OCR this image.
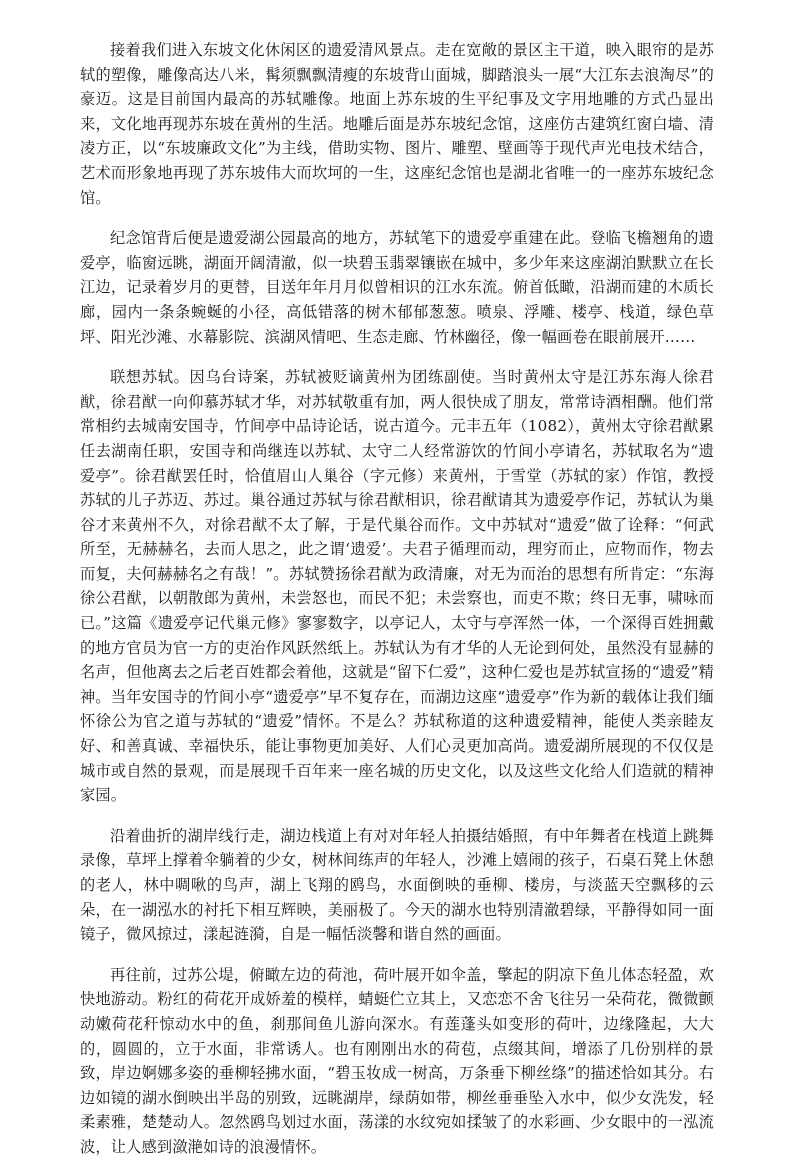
接着我们进入东坡文化休闲区的遗爱清风景点。走在宽敞的景区主干道，映入眼帘的是苏轼的塑像，雕像高达八米，髯须飘飘清瘦的东坡背山面城，脚踏浪头一展“大江东去浪淘尽”的豪迈。这是目前国内最高的苏轼雕像。地面上苏东坡的生平纪事及文字用地雕的方式凸显出来，文化地再现苏东坡在黄州的生活。地雕后面是苏东坡纪念馆，这座仿古建筑红窗白墙、清凌方正，以“东坡廉政文化”为主线，借助实物、图片、雕塑、壁画等于现代声光电技术结合，艺术而形象地再现了苏东坡伟大而坎坷的一生，这座纪念馆也是湖北省唯一的一座苏东坡纪念馆。

纪念馆背后便是遗爱湖公园最高的地方，苏轼笔下的遗爱亭重建在此。登临飞檐翘角的遗爱亭，临窗远眺，湖面开阔清澈，似一块碧玉翡翠镶嵌在城中，多少年来这座湖泊默默立在长江边，记录着岁月的更替，目送年年月月似曾相识的江水东流。俯首低瞰，沿湖而建的木质长廊，园内一条条蜿蜒的小径，高低错落的树木郁郁葱葱。喷泉、浮雕、楼亭、栈道，绿色草坪、阳光沙滩、水幕影院、滨湖风情吧、生态走廊、竹林幽径，像一幅画卷在眼前展开……

联想苏轼。因乌台诗案，苏轼被贬谪黄州为团练副使。当时黄州太守是江苏东海人徐君猷，徐君猷一向仰慕苏轼才华，对苏轼敬重有加，两人很快成了朋友，常常诗酒相酬。他们常常相约去城南安国寺，竹间亭中品诗论话，说古道今。元丰五年（1082），黄州太守徐君猷累任去湖南任职，安国寺和尚继连以苏轼、太守二人经常游饮的竹间小亭请名，苏轼取名为“遗爱亭”。徐君猷罢任时，恰值眉山人巢谷（字元修）来黄州，于雪堂（苏轼的家）作馆，教授苏轼的儿子苏迈、苏过。巢谷通过苏轼与徐君猷相识，徐君猷请其为遗爱亭作记，苏轼认为巢谷才来黄州不久，对徐君猷不太了解，于是代巢谷而作。文中苏轼对“遗爱”做了诠释：“何武所至，无赫赫名，去而人思之，此之谓‘遗爱’。夫君子循理而动，理穷而止，应物而作，物去而复，夫何赫赫名之有哉！”。苏轼赞扬徐君猷为政清廉，对无为而治的思想有所肯定：“东海徐公君猷，以朝散郎为黄州，未尝怒也，而民不犯；未尝察也，而吏不欺；终日无事，啸咏而已。”这篇《遗爱亭记代巢元修》寥寥数字，以亭记人，太守与亭浑然一体，一个深得百姓拥戴的地方官员为官一方的吏治作风跃然纸上。苏轼认为有才华的人无论到何处，虽然没有显赫的名声，但他离去之后老百姓都会着他，这就是“留下仁爱”，这种仁爱也是苏轼宣扬的“遗爱”精神。当年安国寺的竹间小亭“遗爱亭”早不复存在，而湖边这座“遗爱亭”作为新的载体让我们缅怀徐公为官之道与苏轼的“遗爱”情怀。不是么？苏轼称道的这种遗爱精神，能使人类亲睦友好、和善真诚、幸福快乐，能让事物更加美好、人们心灵更加高尚。遗爱湖所展现的不仅仅是城市或自然的景观，而是展现千百年来一座名城的历史文化，以及这些文化给人们造就的精神家园。

沿着曲折的湖岸线行走，湖边栈道上有对对年轻人拍摄结婚照，有中年舞者在栈道上跳舞录像，草坪上撑着伞躺着的少女，树林间练声的年轻人，沙滩上嬉闹的孩子，石桌石凳上休憩的老人，林中啁啾的鸟声，湖上飞翔的鸥鸟，水面倒映的垂柳、楼房，与淡蓝天空飘移的云朵，在一湖泓水的衬托下相互辉映，美丽极了。今天的湖水也特别清澈碧绿，平静得如同一面镜子，微风掠过，漾起涟漪，自是一幅恬淡馨和谐自然的画面。

再往前，过苏公堤，俯瞰左边的荷池，荷叶展开如伞盖，擎起的阴凉下鱼儿体态轻盈，欢快地游动。粉红的荷花开成娇羞的模样，蜻蜓伫立其上，又恋恋不舍飞往另一朵荷花，微微颤动嫩荷花秆惊动水中的鱼，刹那间鱼儿游向深水。有莲蓬头如变形的荷叶，边缘隆起，大大的，圆圆的，立于水面，非常诱人。也有刚刚出水的荷苞，点缀其间，增添了几份别样的景致，岸边婀娜多姿的垂柳轻拂水面，“碧玉妆成一树高，万条垂下柳丝绦”的描述恰如其分。右边如镜的湖水倒映出半岛的别致，远眺湖岸，绿荫如带，柳丝垂垂坠入水中，似少女洗发，轻柔素雅，楚楚动人。忽然鸥鸟划过水面，荡漾的水纹宛如揉皱了的水彩画、少女眼中的一泓流波，让人感到潋滟如诗的浪漫情怀。
